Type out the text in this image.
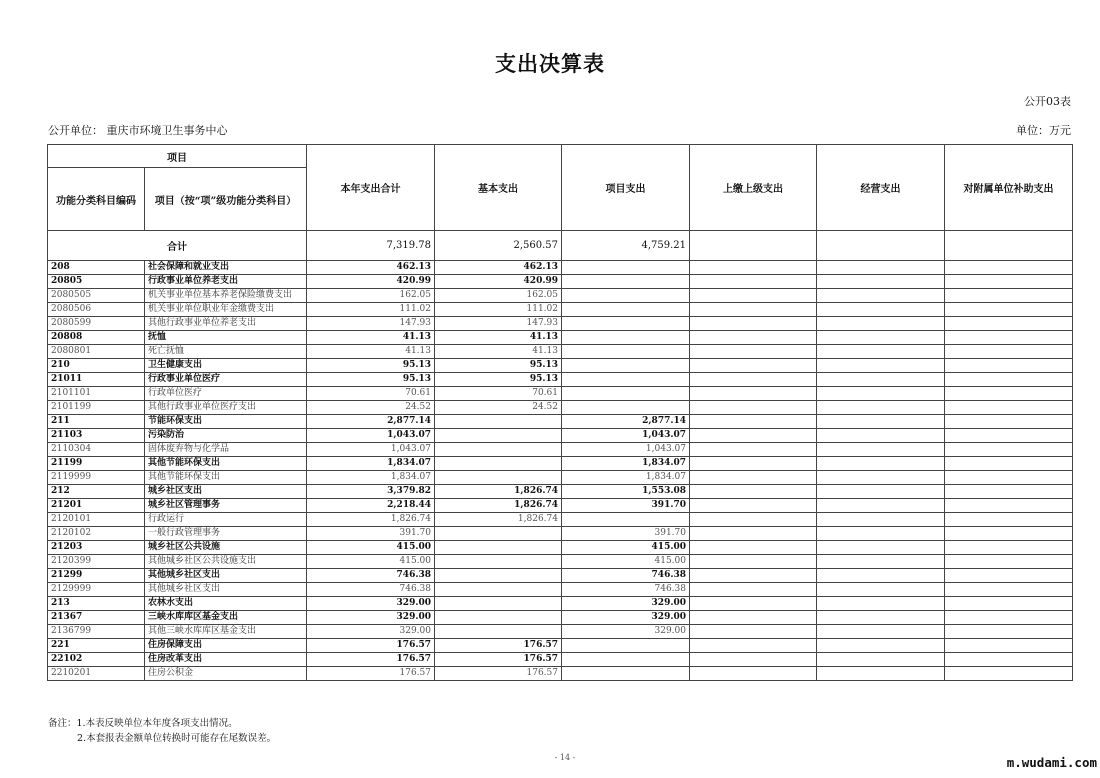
支出决算表
公开03表
公开单位： 重庆市环境卫生事务中心	单位：万元
项目		本年支出合计	基本支出	项目支出	上缴上级支出	经营支出	对附属单位补助支出
功能分类科目编码	项目（按“项”级功能分类科目）						
合计		7,319.78	2,560.57	4,759.21			
208	社会保障和就业支出	462.13	462.13				
20805	行政事业单位养老支出	420.99	420.99				
2080505	机关事业单位基本养老保险缴费支出	162.05	162.05				
2080506	机关事业单位职业年金缴费支出	111.02	111.02				
2080599	其他行政事业单位养老支出	147.93	147.93				
20808	抚恤	41.13	41.13				
2080801	死亡抚恤	41.13	41.13				
210	卫生健康支出	95.13	95.13				
21011	行政事业单位医疗	95.13	95.13				
2101101	行政单位医疗	70.61	70.61				
2101199	其他行政事业单位医疗支出	24.52	24.52				
211	节能环保支出	2,877.14		2,877.14			
21103	污染防治	1,043.07		1,043.07			
2110304	固体废弃物与化学品	1,043.07		1,043.07			
21199	其他节能环保支出	1,834.07		1,834.07			
2119999	其他节能环保支出	1,834.07		1,834.07			
212	城乡社区支出	3,379.82	1,826.74	1,553.08			
21201	城乡社区管理事务	2,218.44	1,826.74	391.70			
2120101	行政运行	1,826.74	1,826.74				
2120102	一般行政管理事务	391.70		391.70			
21203	城乡社区公共设施	415.00		415.00			
2120399	其他城乡社区公共设施支出	415.00		415.00			
21299	其他城乡社区支出	746.38		746.38			
2129999	其他城乡社区支出	746.38		746.38			
213	农林水支出	329.00		329.00			
21367	三峡水库库区基金支出	329.00		329.00			
2136799	其他三峡水库库区基金支出	329.00		329.00			
221	住房保障支出	176.57	176.57				
22102	住房改革支出	176.57	176.57				
2210201	住房公积金	176.57	176.57				
备注：1.本表反映单位本年度各项支出情况。
2.本套报表金额单位转换时可能存在尾数误差。
- 14 -	m.wudami.com
